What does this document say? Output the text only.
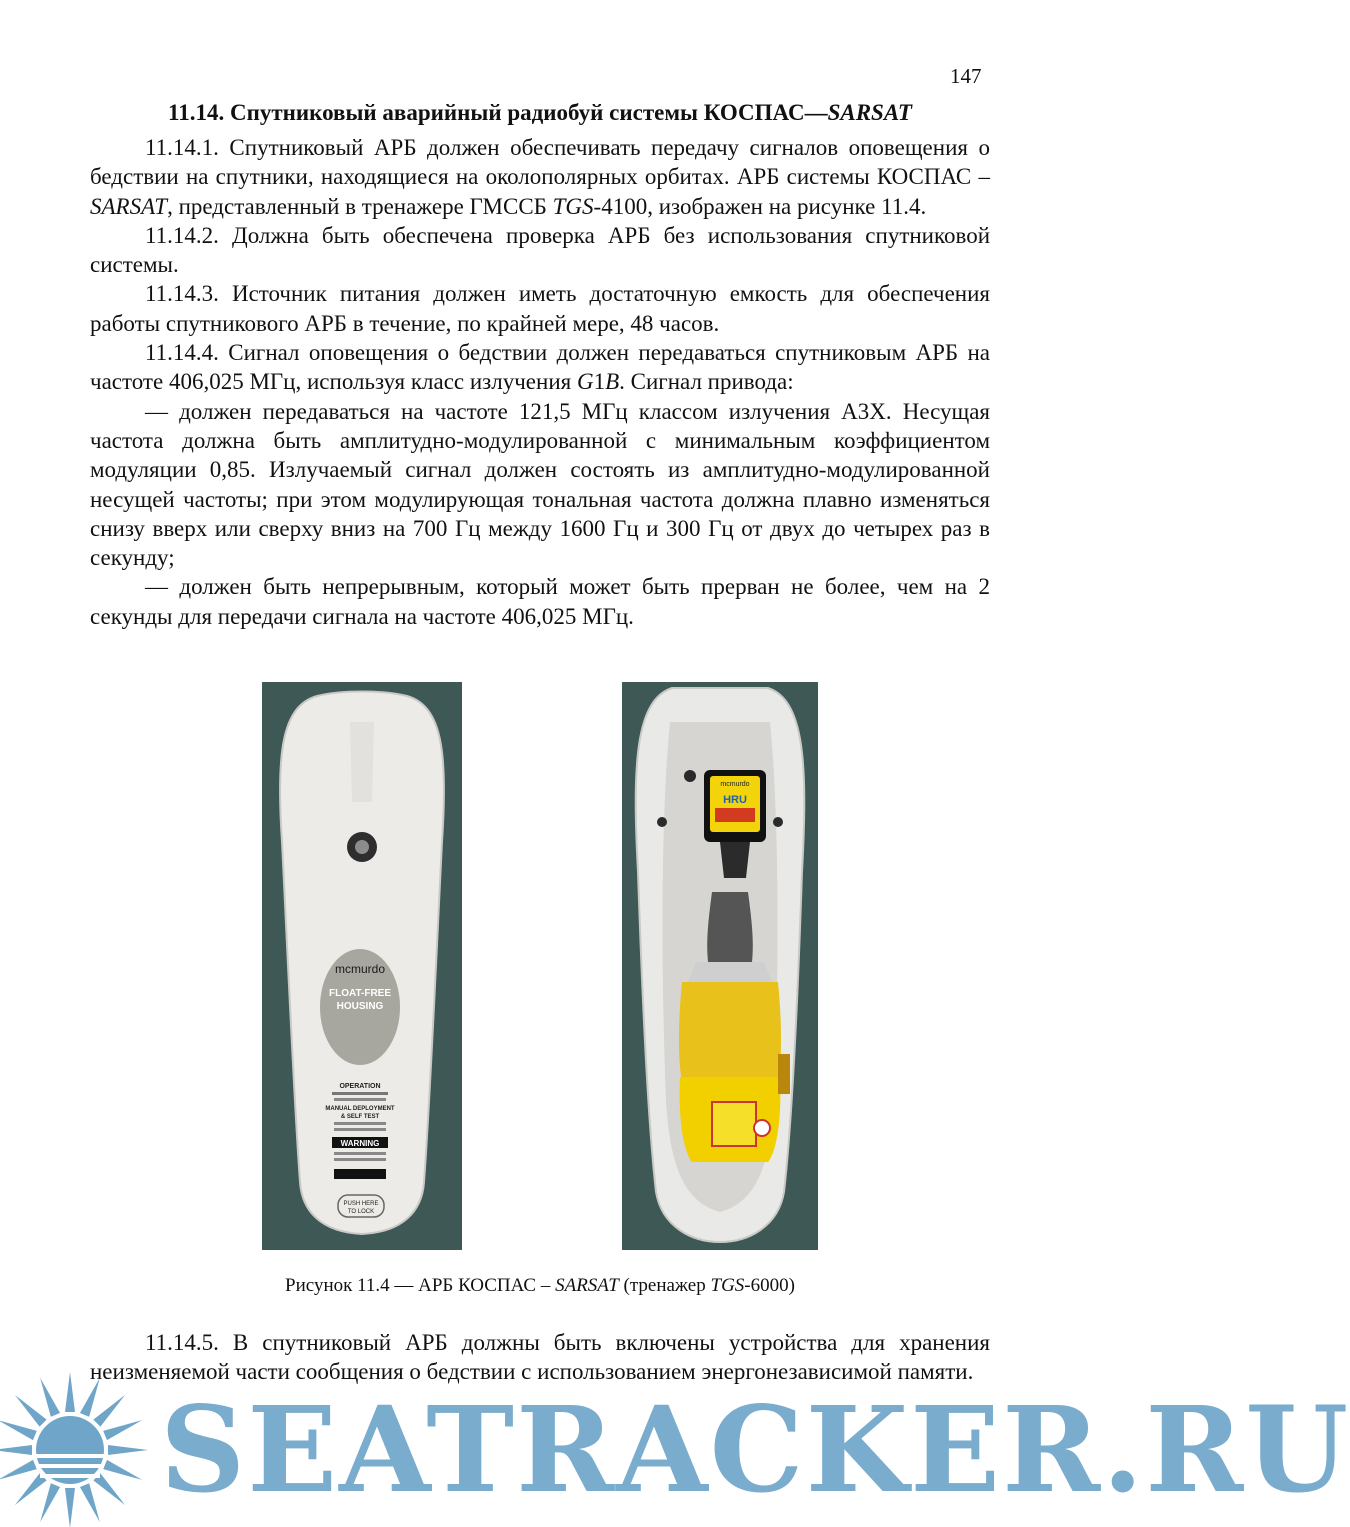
147
11.14. Спутниковый аварийный радиобуй системы КОСПАС—SARSAT

11.14.1. Спутниковый АРБ должен обеспечивать передачу сигналов оповещения о бедствии на спутники, находящиеся на околополярных орбитах. АРБ системы КОСПАС – SARSAT, представленный в тренажере ГМССБ TGS-4100, изображен на рисунке 11.4.

11.14.2. Должна быть обеспечена проверка АРБ без использования спутниковой системы.

11.14.3. Источник питания должен иметь достаточную емкость для обеспечения работы спутникового АРБ в течение, по крайней мере, 48 часов.

11.14.4. Сигнал оповещения о бедствии должен передаваться спутниковым АРБ на частоте 406,025 МГц, используя класс излучения G1B. Сигнал привода:

— должен передаваться на частоте 121,5 МГц классом излучения А3Х. Несущая частота должна быть амплитудно-модулированной с минимальным коэффициентом модуляции 0,85. Излучаемый сигнал должен состоять из амплитудно-модулированной несущей частоты; при этом модулирующая тональная частота должна плавно изменяться снизу вверх или сверху вниз на 700 Гц между 1600 Гц и 300 Гц от двух до четырех раз в секунду;

— должен быть непрерывным, который может быть прерван не более, чем на 2 секунды для передачи сигнала на частоте 406,025 МГц.

mcmurdo
FLOAT-FREE
HOUSING
OPERATION
MANUAL DEPLOYMENT
& SELF TEST
WARNING
PUSH HERE
TO LOCK
mcmurdo
HRU
Рисунок 11.4 — АРБ КОСПАС – SARSAT (тренажер TGS-6000)

11.14.5. В спутниковый АРБ должны быть включены устройства для хранения неизменяемой части сообщения о бедствии с использованием энергонезависимой памяти.

SEATRACKER.RU
